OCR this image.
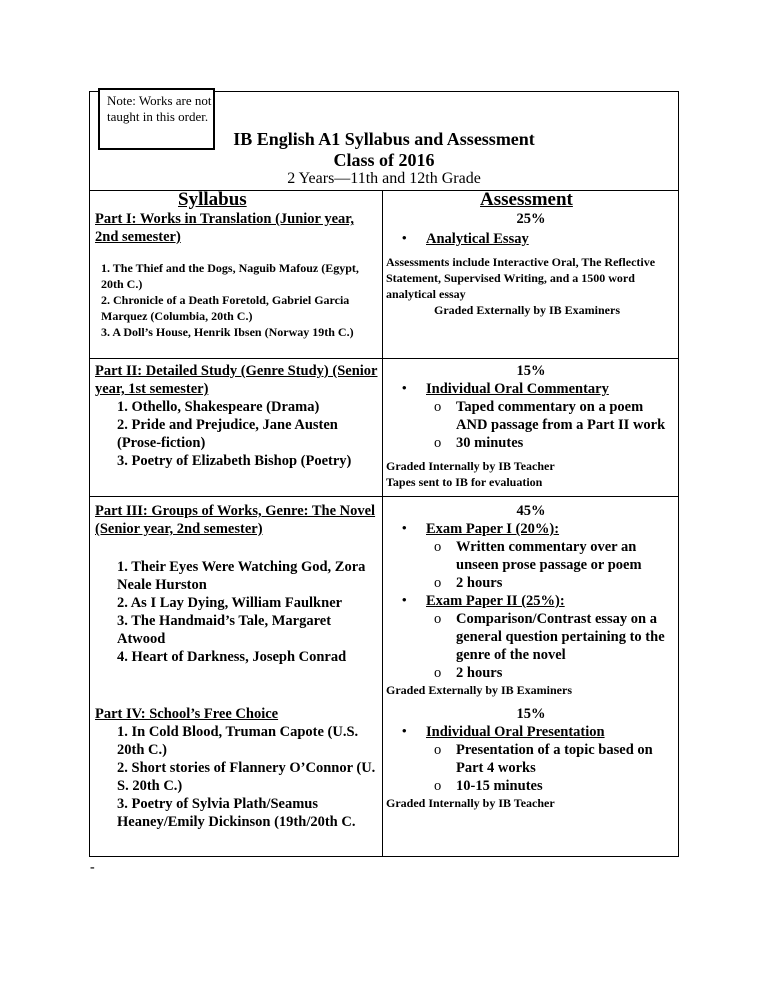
Note: Works are not taught in this order.
IB English A1 Syllabus and Assessment
Class of 2016
2 Years—11th and 12th Grade
Syllabus	Assessment
Part I: Works in Translation (Junior year, 2nd semester)
1. The Thief and the Dogs, Naguib Mafouz (Egypt, 20th C.)
2. Chronicle of a Death Foretold, Gabriel Garcia Marquez (Columbia, 20th C.)
3. A Doll’s House, Henrik Ibsen (Norway 19th C.)
25%
• Analytical Essay
Assessments include Interactive Oral, The Reflective Statement, Supervised Writing, and a 1500 word analytical essay
Graded Externally by IB Examiners
Part II: Detailed Study (Genre Study) (Senior year, 1st semester)
1. Othello, Shakespeare (Drama)
2. Pride and Prejudice, Jane Austen (Prose-fiction)
3. Poetry of Elizabeth Bishop (Poetry)
15%
• Individual Oral Commentary
o Taped commentary on a poem AND passage from a Part II work
o 30 minutes
Graded Internally by IB Teacher
Tapes sent to IB for evaluation
Part III: Groups of Works, Genre: The Novel (Senior year, 2nd semester)
1. Their Eyes Were Watching God, Zora Neale Hurston
2. As I Lay Dying, William Faulkner
3. The Handmaid’s Tale, Margaret Atwood
4. Heart of Darkness, Joseph Conrad
45%
• Exam Paper I (20%):
o Written commentary over an unseen prose passage or poem
o 2 hours
• Exam Paper II (25%):
o Comparison/Contrast essay on a general question pertaining to the genre of the novel
o 2 hours
Graded Externally by IB Examiners
Part IV: School’s Free Choice
1. In Cold Blood, Truman Capote (U.S. 20th C.)
2. Short stories of Flannery O’Connor (U. S. 20th C.)
3. Poetry of Sylvia Plath/Seamus Heaney/Emily Dickinson (19th/20th C.
15%
• Individual Oral Presentation
o Presentation of a topic based on Part 4 works
o 10-15 minutes
Graded Internally by IB Teacher
-
